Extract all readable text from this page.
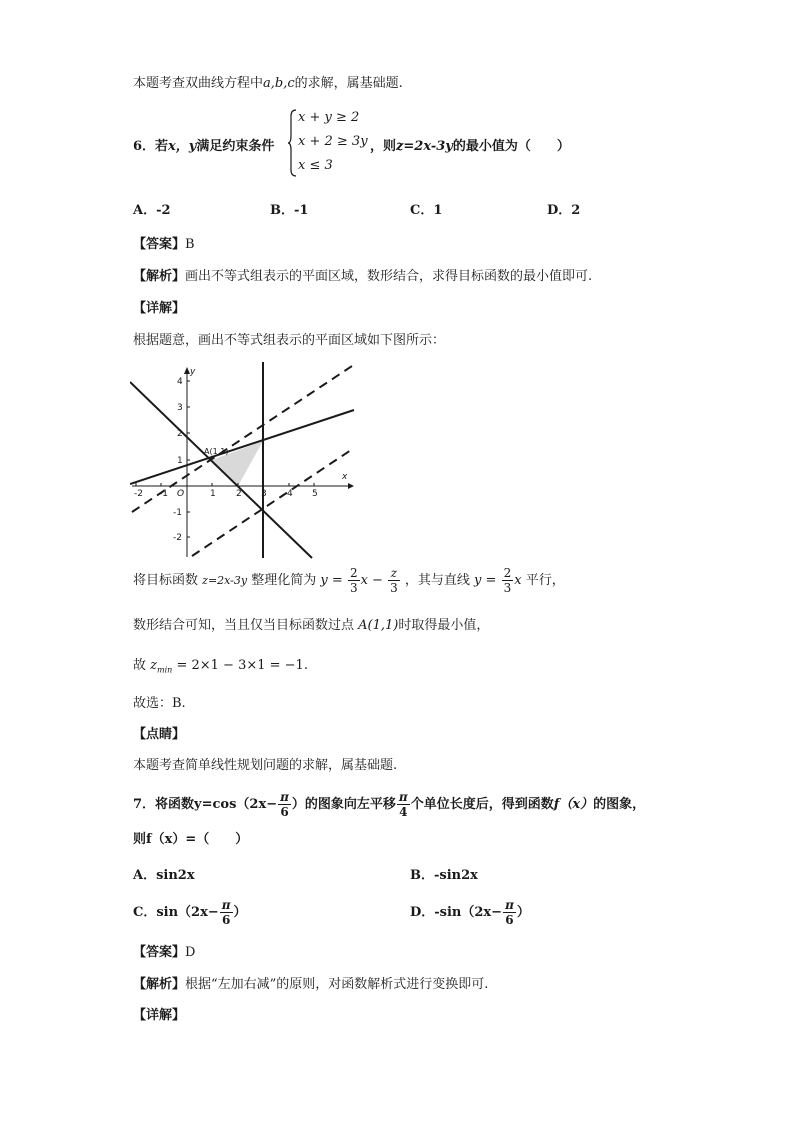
本题考查双曲线方程中a,b,c的求解，属基础题.
6．若x，y满足约束条件
x + y ≥ 2
x + 2 ≥ 3y
x ≤ 3
，则z=2x-3y的最小值为（　　）
A．-2	B．-1	C．1	D．2
【答案】B
【解析】画出不等式组表示的平面区域，数形结合，求得目标函数的最小值即可.
【详解】
根据题意，画出不等式组表示的平面区域如下图所示：
-2 -1	1 2 3 4 5
4
3
2
1
-1
-2
O
x
y
A(1,1)
将目标函数 z=2x-3y 整理化简为 $y = \frac{2}{3}$ $x - \frac{z}{3}$ ，其与直线 $y = \frac{2}{3}$ x 平行，
数形结合可知，当且仅当目标函数过点 A(1,1)时取得最小值，
故 $z_{min} = 2\times 1 - 3\times 1 = -1$.
故选：B.
【点睛】
本题考查简单线性规划问题的求解，属基础题.
7．将函数$y=\cos(2x- \frac{\pi}{6}$ ）的图象向左平移 $\frac{\pi}{4}$ 个单位长度后，得到函数f（x）的图象，
则f（x）=（　　）
A．sin2x	B．-sin2x
C．$\sin(2x- \frac{\pi}{6}$ ）	D．$-\sin(2x- \frac{\pi}{6}$ ）
【答案】D
【解析】根据“左加右减”的原则，对函数解析式进行变换即可.
【详解】
